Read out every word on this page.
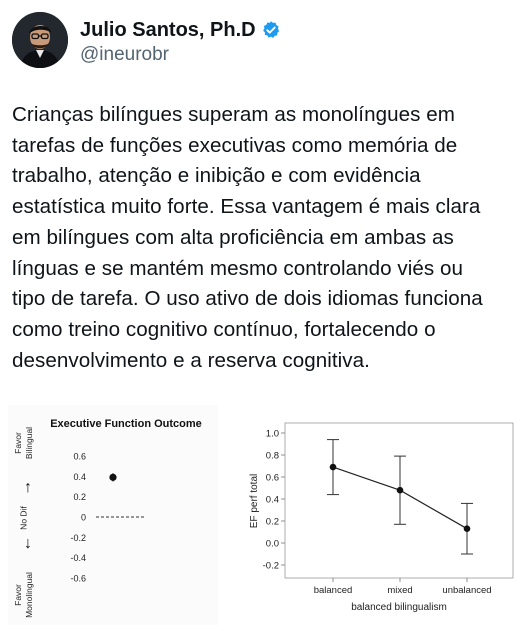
Julio Santos, Ph.D
@ineurobr
Crianças bilíngues superam as monolíngues em
tarefas de funções executivas como memória de
trabalho, atenção e inibição e com evidência
estatística muito forte. Essa vantagem é mais clara
em bilíngues com alta proficiência em ambas as
línguas e se mantém mesmo controlando viés ou
tipo de tarefa. O uso ativo de dois idiomas funciona
como treino cognitivo contínuo, fortalecendo o
desenvolvimento e a reserva cognitiva.
Executive Function Outcome
Favor Bilingual
No Dif
Favor Monolingual
↑
↓
0.6
0.4
0.2
0
-0.2
-0.4
-0.6
1.0
0.8
0.6
0.4
0.2
0.0
-0.2
balanced	mixed	unbalanced
EF perf total
balanced bilingualism
